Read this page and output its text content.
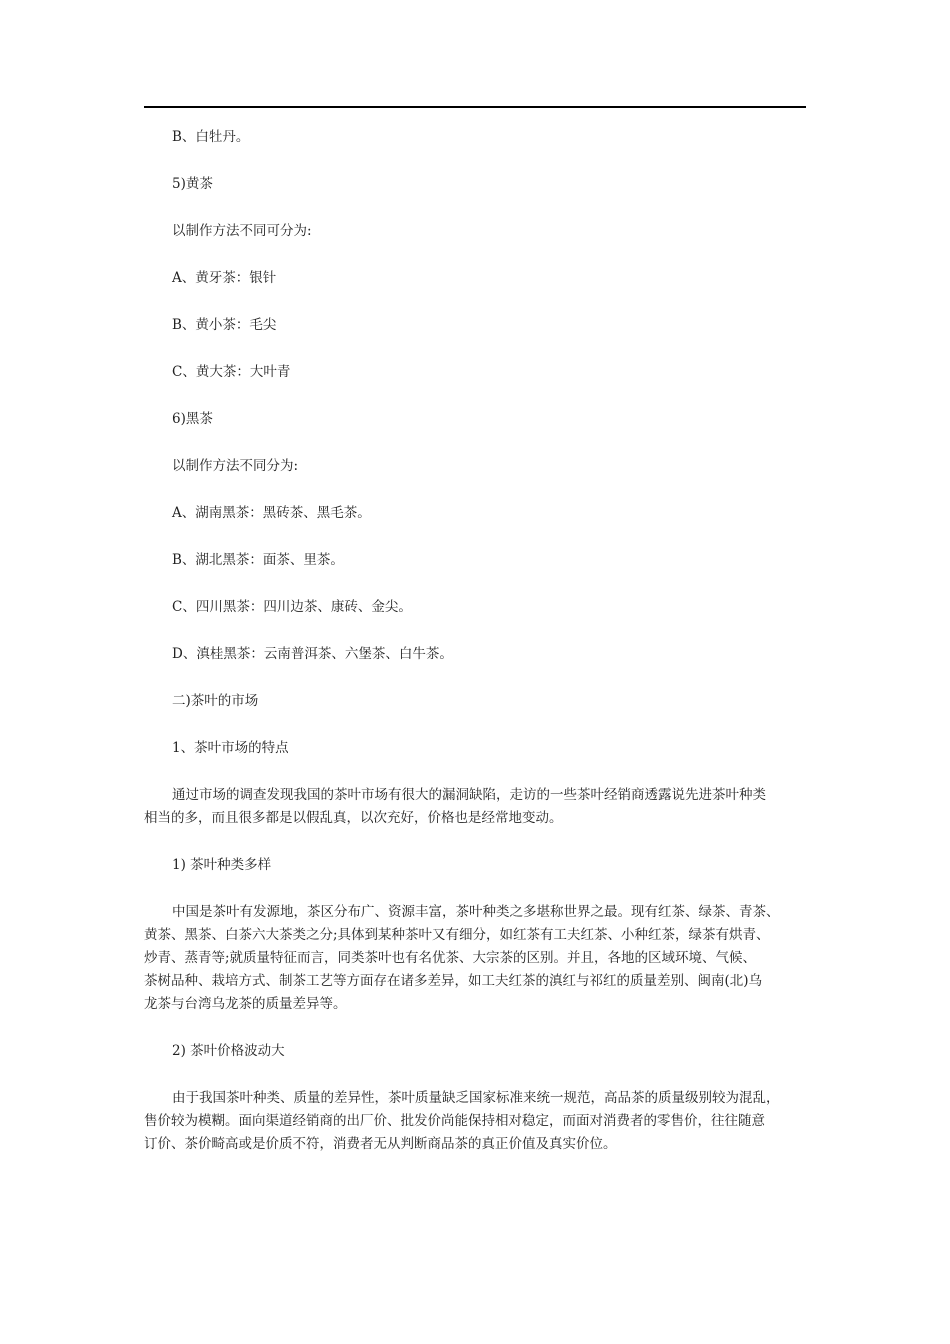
B、白牡丹。

5)黄茶

以制作方法不同可分为:

A、黄牙茶：银针

B、黄小茶：毛尖

C、黄大茶：大叶青

6)黑茶

以制作方法不同分为:

A、湖南黑茶：黑砖茶、黑毛茶。

B、湖北黑茶：面茶、里茶。

C、四川黑茶：四川边茶、康砖、金尖。

D、滇桂黑茶：云南普洱茶、六堡茶、白牛茶。

二)茶叶的市场

1、茶叶市场的特点

通过市场的调查发现我国的茶叶市场有很大的漏洞缺陷，走访的一些茶叶经销商透露说先进茶叶种类
相当的多，而且很多都是以假乱真，以次充好，价格也是经常地变动。

1) 茶叶种类多样

中国是茶叶有发源地，茶区分布广、资源丰富，茶叶种类之多堪称世界之最。现有红茶、绿茶、青茶、
黄茶、黑茶、白茶六大茶类之分;具体到某种茶叶又有细分，如红茶有工夫红茶、小种红茶，绿茶有烘青、
炒青、蒸青等;就质量特征而言，同类茶叶也有名优茶、大宗茶的区别。并且，各地的区域环境、气候、
茶树品种、栽培方式、制茶工艺等方面存在诸多差异，如工夫红茶的滇红与祁红的质量差别、闽南(北)乌
龙茶与台湾乌龙茶的质量差异等。

2) 茶叶价格波动大

由于我国茶叶种类、质量的差异性，茶叶质量缺乏国家标准来统一规范，高品茶的质量级别较为混乱，
售价较为模糊。面向渠道经销商的出厂价、批发价尚能保持相对稳定，而面对消费者的零售价，往往随意
订价、茶价畸高或是价质不符，消费者无从判断商品茶的真正价值及真实价位。
